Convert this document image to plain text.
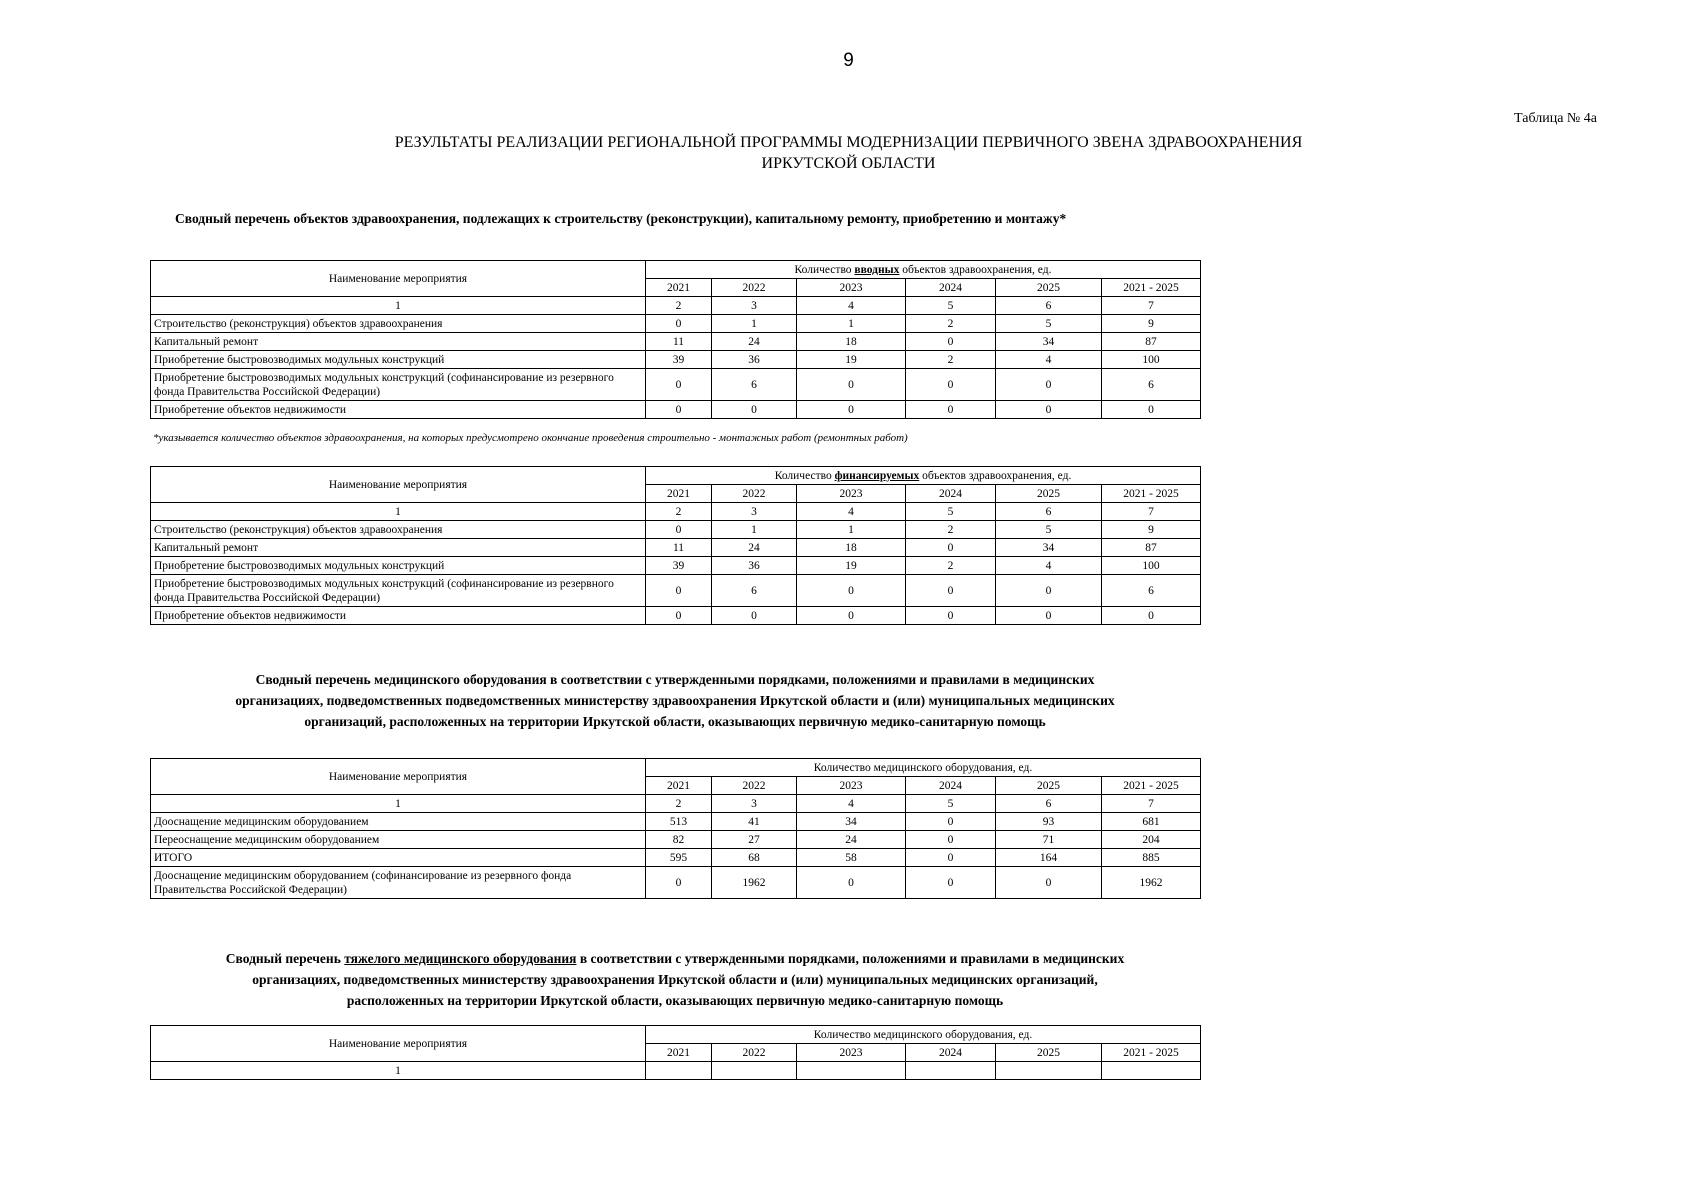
9
Таблица № 4а
РЕЗУЛЬТАТЫ РЕАЛИЗАЦИИ РЕГИОНАЛЬНОЙ ПРОГРАММЫ МОДЕРНИЗАЦИИ ПЕРВИЧНОГО ЗВЕНА ЗДРАВООХРАНЕНИЯ
ИРКУТСКОЙ ОБЛАСТИ
Сводный перечень объектов здравоохранения, подлежащих к строительству (реконструкции), капитальному ремонту, приобретению и монтажу*
Наименование мероприятия	Количество вводных объектов здравоохранения, ед.					
	2021	2022	2023	2024	2025	2021 - 2025
1	2	3	4	5	6	7
Строительство (реконструкция) объектов здравоохранения	0	1	1	2	5	9
Капитальный ремонт	11	24	18	0	34	87
Приобретение быстровозводимых модульных конструкций	39	36	19	2	4	100
Приобретение быстровозводимых модульных конструкций (софинансирование из резервного фонда Правительства Российской Федерации)	0	6	0	0	0	6
Приобретение объектов недвижимости	0	0	0	0	0	0
*указывается количество объектов здравоохранения, на которых предусмотрено окончание проведения строительно - монтажных работ (ремонтных работ)
Наименование мероприятия	Количество финансируемых объектов здравоохранения, ед.					
	2021	2022	2023	2024	2025	2021 - 2025
1	2	3	4	5	6	7
Строительство (реконструкция) объектов здравоохранения	0	1	1	2	5	9
Капитальный ремонт	11	24	18	0	34	87
Приобретение быстровозводимых модульных конструкций	39	36	19	2	4	100
Приобретение быстровозводимых модульных конструкций (софинансирование из резервного фонда Правительства Российской Федерации)	0	6	0	0	0	6
Приобретение объектов недвижимости	0	0	0	0	0	0
Сводный перечень медицинского оборудования в соответствии с утвержденными порядками, положениями и правилами в медицинских
организациях, подведомственных подведомственных министерству здравоохранения Иркутской области и (или) муниципальных медицинских
организаций, расположенных на территории Иркутской области, оказывающих первичную медико-санитарную помощь
Наименование мероприятия	Количество медицинского оборудования, ед.					
	2021	2022	2023	2024	2025	2021 - 2025
1	2	3	4	5	6	7
Дооснащение медицинским оборудованием	513	41	34	0	93	681
Переоснащение медицинским оборудованием	82	27	24	0	71	204
ИТОГО	595	68	58	0	164	885
Дооснащение медицинским оборудованием (софинансирование из резервного фонда Правительства Российской Федерации)	0	1962	0	0	0	1962
Сводный перечень тяжелого медицинского оборудования в соответствии с утвержденными порядками, положениями и правилами в медицинских
организациях, подведомственных министерству здравоохранения Иркутской области и (или) муниципальных медицинских организаций,
расположенных на территории Иркутской области, оказывающих первичную медико-санитарную помощь
Наименование мероприятия	Количество медицинского оборудования, ед.					
	2021	2022	2023	2024	2025	2021 - 2025
1						
